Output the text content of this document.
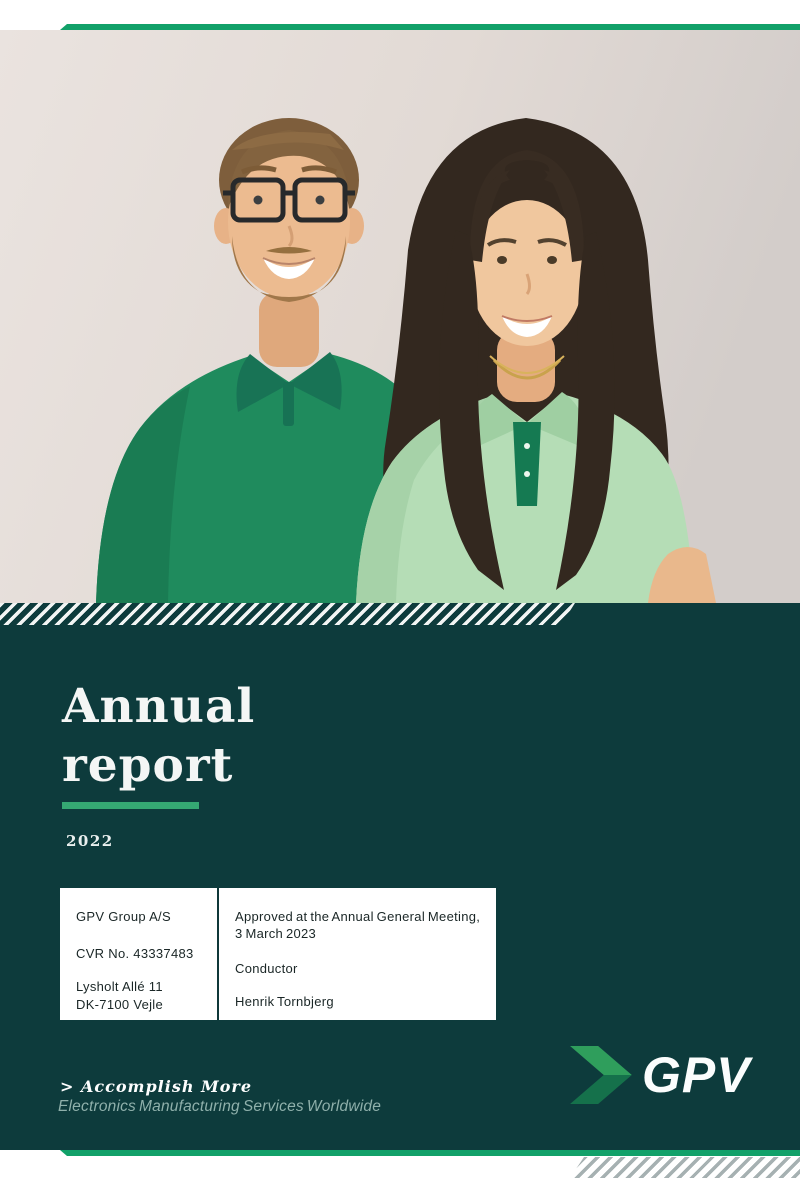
Annual
report
2022

GPV Group A/S

CVR No. 43337483

Lysholt Allé 11

DK-7100 Vejle

Approved at the Annual General Meeting,

3 March 2023

Conductor

Henrik Tornbjerg

> Accomplish More
Electronics Manufacturing Services Worldwide
GPV
